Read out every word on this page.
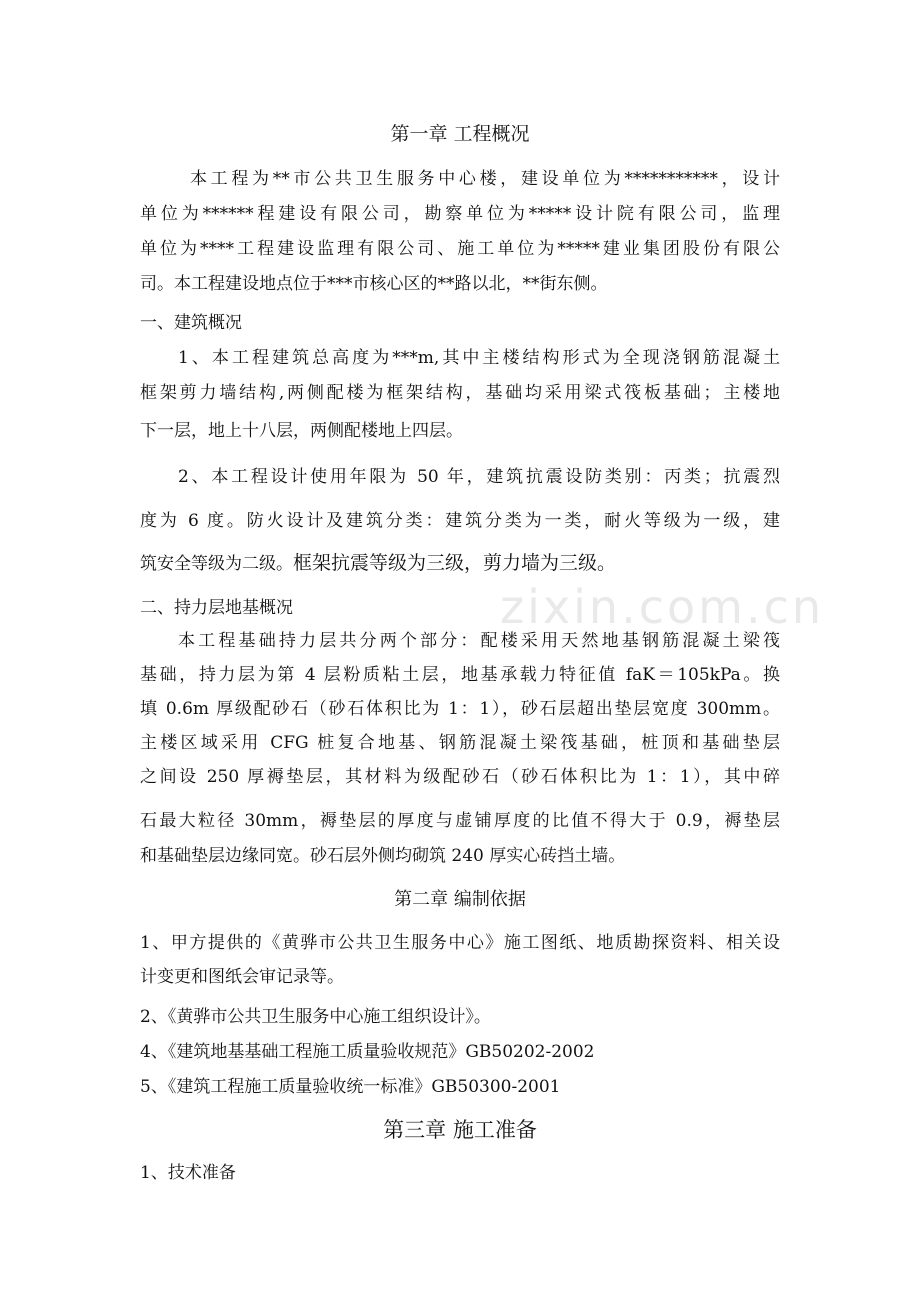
zixin.com.cn
第一章 工程概况

本工程为**市公共卫生服务中心楼，建设单位为***********，设计

单位为******程建设有限公司，勘察单位为*****设计院有限公司，监理

单位为****工程建设监理有限公司、施工单位为*****建业集团股份有限公

司。本工程建设地点位于***市核心区的**路以北，**街东侧。

一、建筑概况

1、本工程建筑总高度为***m,其中主楼结构形式为全现浇钢筋混凝土

框架剪力墙结构,两侧配楼为框架结构，基础均采用梁式筏板基础；主楼地

下一层，地上十八层，两侧配楼地上四层。

2、本工程设计使用年限为 50 年，建筑抗震设防类别：丙类；抗震烈

度为 6 度。防火设计及建筑分类：建筑分类为一类，耐火等级为一级，建

筑安全等级为二级。框架抗震等级为三级，剪力墙为三级。

二、持力层地基概况

本工程基础持力层共分两个部分：配楼采用天然地基钢筋混凝土梁筏

基础，持力层为第 4 层粉质粘土层，地基承载力特征值 faK＝105kPa。换

填 0.6m 厚级配砂石（砂石体积比为 1：1），砂石层超出垫层宽度 300mm。

主楼区域采用 CFG 桩复合地基、钢筋混凝土梁筏基础，桩顶和基础垫层

之间设 250 厚褥垫层，其材料为级配砂石（砂石体积比为 1：1），其中碎

石最大粒径 30mm，褥垫层的厚度与虚铺厚度的比值不得大于 0.9，褥垫层

和基础垫层边缘同宽。砂石层外侧均砌筑 240 厚实心砖挡土墙。

第二章 编制依据

1、甲方提供的《黄骅市公共卫生服务中心》施工图纸、地质勘探资料、相关设

计变更和图纸会审记录等。

2、《黄骅市公共卫生服务中心施工组织设计》。

4、《建筑地基基础工程施工质量验收规范》GB50202-2002

5、《建筑工程施工质量验收统一标准》GB50300-2001

第三章 施工准备

1、技术准备
